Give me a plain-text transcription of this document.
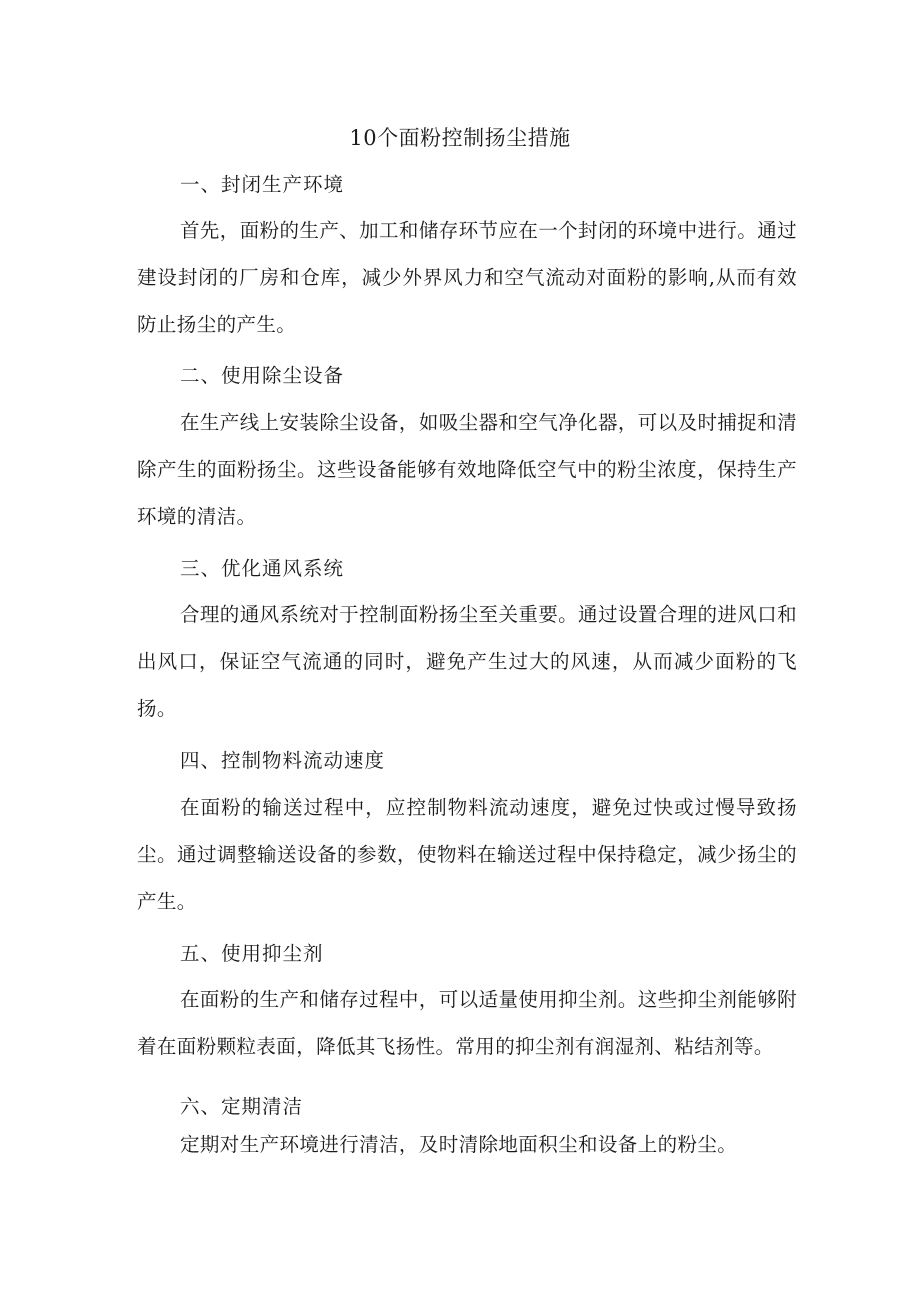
10个面粉控制扬尘措施
一、封闭生产环境

首先，面粉的生产、加工和储存环节应在一个封闭的环境中进行。通过建设封闭的厂房和仓库，减少外界风力和空气流动对面粉的影响,从而有效防止扬尘的产生。

二、使用除尘设备

在生产线上安装除尘设备，如吸尘器和空气净化器，可以及时捕捉和清除产生的面粉扬尘。这些设备能够有效地降低空气中的粉尘浓度，保持生产环境的清洁。

三、优化通风系统

合理的通风系统对于控制面粉扬尘至关重要。通过设置合理的进风口和出风口，保证空气流通的同时，避免产生过大的风速，从而减少面粉的飞扬。

四、控制物料流动速度

在面粉的输送过程中，应控制物料流动速度，避免过快或过慢导致扬尘。通过调整输送设备的参数，使物料在输送过程中保持稳定，减少扬尘的产生。

五、使用抑尘剂

在面粉的生产和储存过程中，可以适量使用抑尘剂。这些抑尘剂能够附着在面粉颗粒表面，降低其飞扬性。常用的抑尘剂有润湿剂、粘结剂等。

六、定期清洁

定期对生产环境进行清洁，及时清除地面积尘和设备上的粉尘。
